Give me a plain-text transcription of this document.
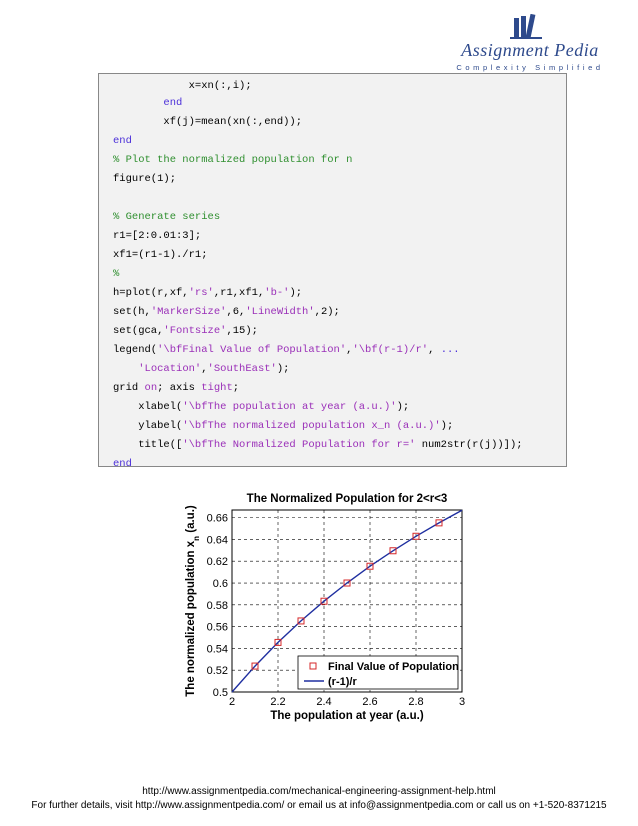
Assignment Pedia
Complexity Simplified
x=xn(:,i);
end
xf(j)=mean(xn(:,end));
end
% Plot the normalized population for n
figure(1);
% Generate series
r1=[2:0.01:3];
xf1=(r1-1)./r1;
%
h=plot(r,xf,'rs',r1,xf1,'b-');
set(h,'MarkerSize',6,'LineWidth',2);
set(gca,'Fontsize',15);
legend('\bfFinal Value of Population','\bf(r-1)/r', ...
'Location','SouthEast');
grid on; axis tight;
xlabel('\bfThe population at year (a.u.)');
ylabel('\bfThe normalized population x_n (a.u.)');
title(['\bfThe Normalized Population for r=' num2str(r(j))]);
end
2	2.2	2.4	2.6	2.8	3
0.5
0.52
0.54
0.56
0.58
0.6
0.62
0.64
0.66
The Normalized Population for 2<r<3
The population at year (a.u.)
The normalized population $x_n$ (a.u.)
Final Value of Population
(r-1)/r
http://www.assignmentpedia.com/mechanical-engineering-assignment-help.html
For further details, visit http://www.assignmentpedia.com/ or email us at info@assignmentpedia.com or call us on +1-520-8371215
